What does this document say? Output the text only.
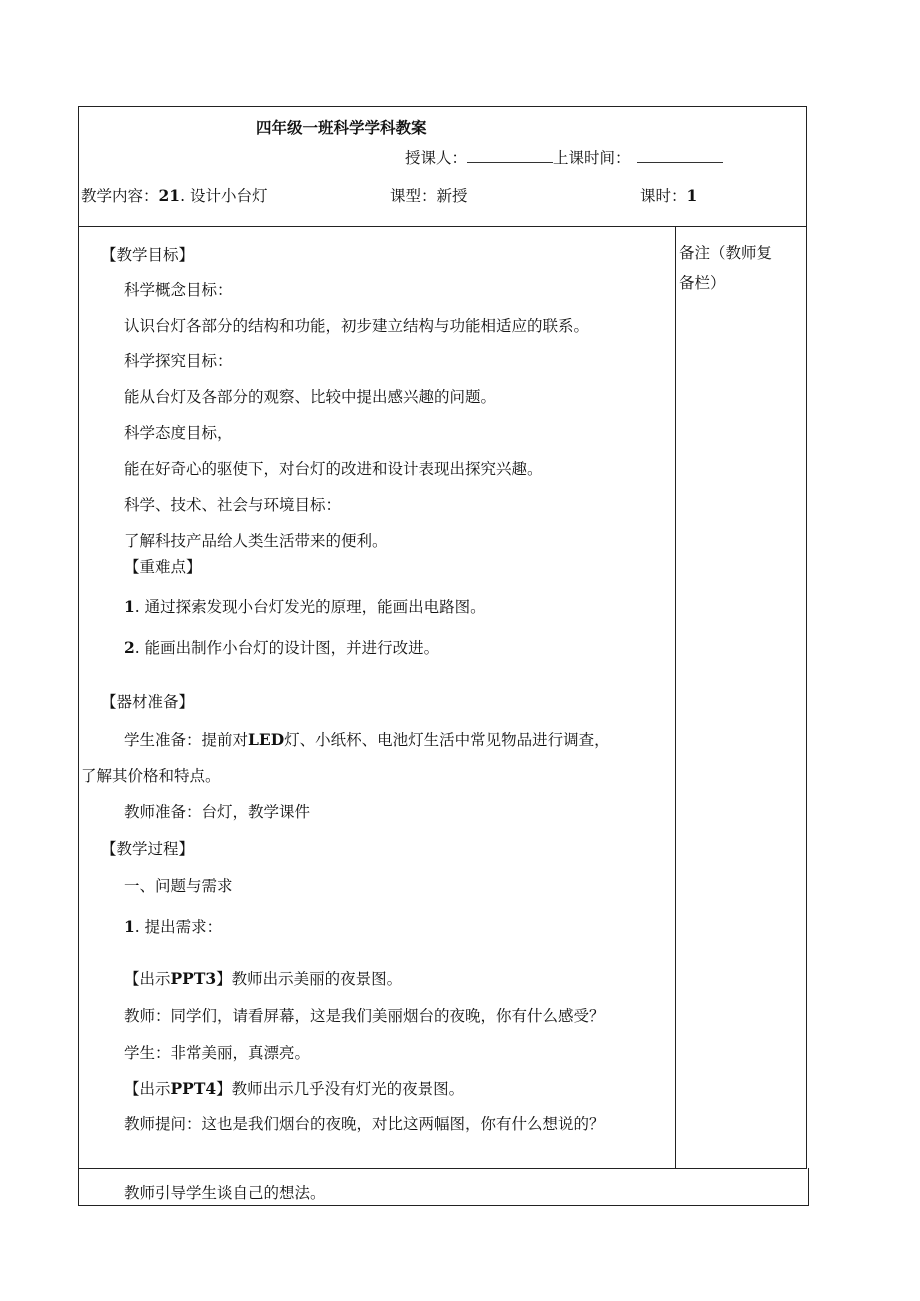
四年级一班科学学科教案
授课人：	上课时间：
教学内容：21. 设计小台灯	课型：新授	课时：1
备注（教师复
备栏）
【教学目标】
科学概念目标：
认识台灯各部分的结构和功能，初步建立结构与功能相适应的联系。
科学探究目标：
能从台灯及各部分的观察、比较中提出感兴趣的问题。
科学态度目标，
能在好奇心的驱使下，对台灯的改进和设计表现出探究兴趣。
科学、技术、社会与环境目标：
了解科技产品给人类生活带来的便利。
【重难点】
1. 通过探索发现小台灯发光的原理，能画出电路图。
2. 能画出制作小台灯的设计图，并进行改进。
【器材准备】
学生准备：提前对LED灯、小纸杯、电池灯生活中常见物品进行调查，
了解其价格和特点。
教师准备：台灯，教学课件
【教学过程】
一、问题与需求
1. 提出需求：
【出示PPT3】教师出示美丽的夜景图。
教师：同学们，请看屏幕，这是我们美丽烟台的夜晚，你有什么感受？
学生：非常美丽，真漂亮。
【出示PPT4】教师出示几乎没有灯光的夜景图。
教师提问：这也是我们烟台的夜晚，对比这两幅图，你有什么想说的？
教师引导学生谈自己的想法。
